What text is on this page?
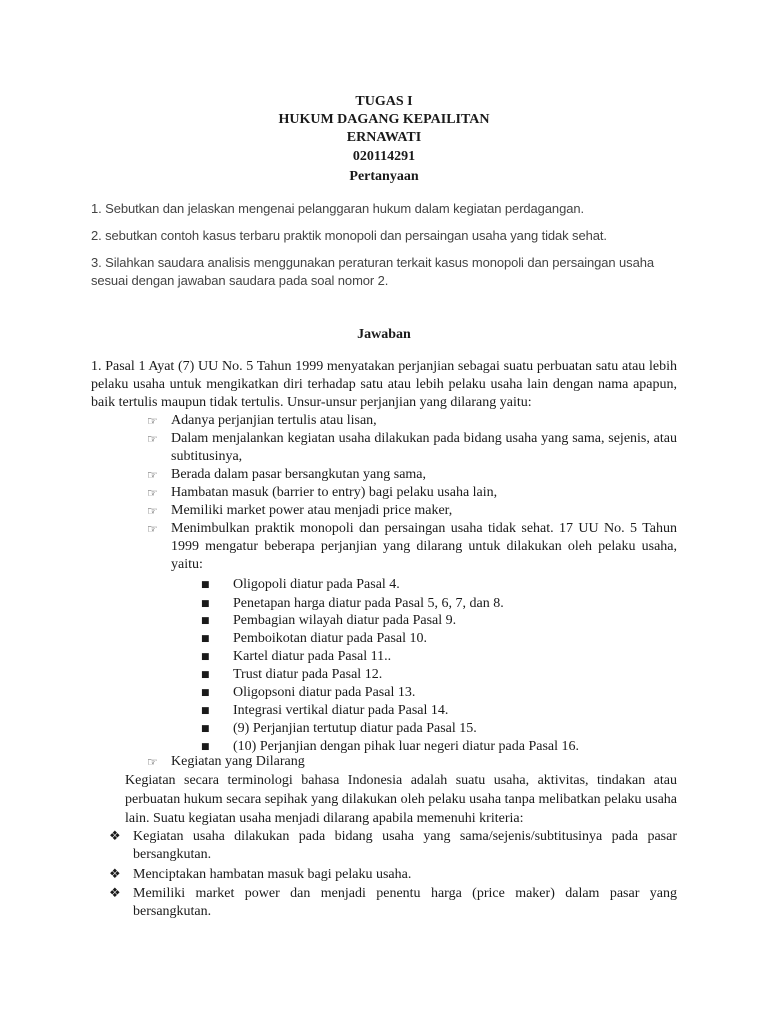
TUGAS I
HUKUM DAGANG KEPAILITAN
ERNAWATI
020114291
Pertanyaan
1. Sebutkan dan jelaskan mengenai pelanggaran hukum dalam kegiatan perdagangan.
2. sebutkan contoh kasus terbaru praktik monopoli dan persaingan usaha yang tidak sehat.
3. Silahkan saudara analisis menggunakan peraturan terkait kasus monopoli dan persaingan usaha sesuai dengan jawaban saudara pada soal nomor 2.
Jawaban
1. Pasal 1 Ayat (7) UU No. 5 Tahun 1999 menyatakan perjanjian sebagai suatu perbuatan satu atau lebih pelaku usaha untuk mengikatkan diri terhadap satu atau lebih pelaku usaha lain dengan nama apapun, baik tertulis maupun tidak tertulis. Unsur-unsur perjanjian yang dilarang yaitu:
☞ Adanya perjanjian tertulis atau lisan,
☞ Dalam menjalankan kegiatan usaha dilakukan pada bidang usaha yang sama, sejenis, atau subtitusinya,
☞ Berada dalam pasar bersangkutan yang sama,
☞ Hambatan masuk (barrier to entry) bagi pelaku usaha lain,
☞ Memiliki market power atau menjadi price maker,
☞ Menimbulkan praktik monopoli dan persaingan usaha tidak sehat. 17 UU No. 5 Tahun 1999 mengatur beberapa perjanjian yang dilarang untuk dilakukan oleh pelaku usaha, yaitu:
■ Oligopoli diatur pada Pasal 4.
■ Penetapan harga diatur pada Pasal 5, 6, 7, dan 8.
■ Pembagian wilayah diatur pada Pasal 9.
■ Pemboikotan diatur pada Pasal 10.
■ Kartel diatur pada Pasal 11..
■ Trust diatur pada Pasal 12.
■ Oligopsoni diatur pada Pasal 13.
■ Integrasi vertikal diatur pada Pasal 14.
■ (9) Perjanjian tertutup diatur pada Pasal 15.
■ (10) Perjanjian dengan pihak luar negeri diatur pada Pasal 16.
☞ Kegiatan yang Dilarang
Kegiatan secara terminologi bahasa Indonesia adalah suatu usaha, aktivitas, tindakan atau perbuatan hukum secara sepihak yang dilakukan oleh pelaku usaha tanpa melibatkan pelaku usaha lain. Suatu kegiatan usaha menjadi dilarang apabila memenuhi kriteria:
❖ Kegiatan usaha dilakukan pada bidang usaha yang sama/sejenis/subtitusinya pada pasar bersangkutan.
❖ Menciptakan hambatan masuk bagi pelaku usaha.
❖ Memiliki market power dan menjadi penentu harga (price maker) dalam pasar yang bersangkutan.
